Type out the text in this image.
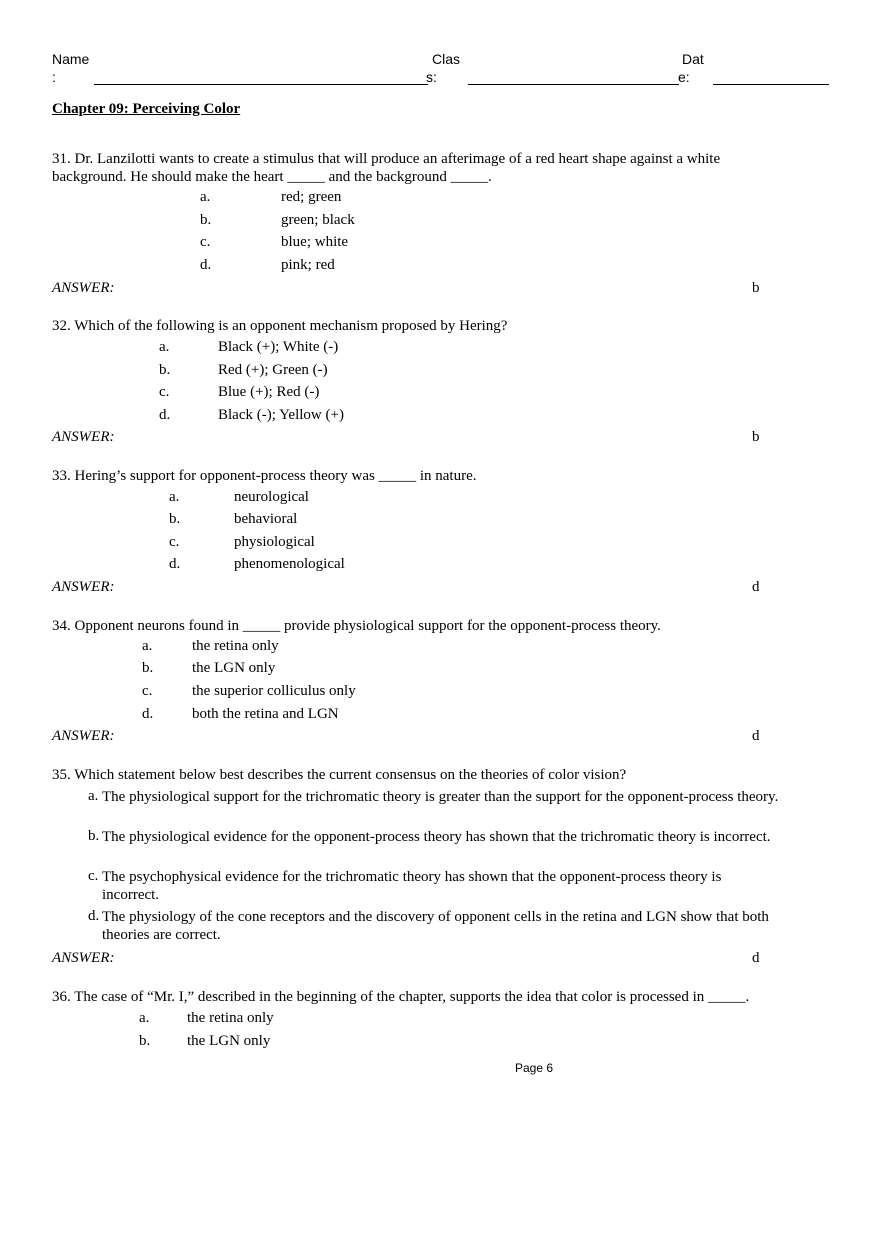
Name
:
Clas
s:
Dat
e:
Chapter 09: Perceiving Color
31. Dr. Lanzilotti wants to create a stimulus that will produce an afterimage of a red heart shape against a white
background. He should make the heart _____ and the background _____.
a.	red; green
b.	green; black
c.	blue; white
d.	pink; red
ANSWER:	b
32. Which of the following is an opponent mechanism proposed by Hering?
a.	Black (+); White (-)
b.	Red (+); Green (-)
c.	Blue (+); Red (-)
d.	Black (-); Yellow (+)
ANSWER:	b
33. Hering’s support for opponent-process theory was _____ in nature.
a.	neurological
b.	behavioral
c.	physiological
d.	phenomenological
ANSWER:	d
34. Opponent neurons found in _____ provide physiological support for the opponent-process theory.
a.	the retina only
b.	the LGN only
c.	the superior colliculus only
d.	both the retina and LGN
ANSWER:	d
35. Which statement below best describes the current consensus on the theories of color vision?
a. The physiological support for the trichromatic theory is greater than the support for the opponent-process theory.
b. The physiological evidence for the opponent-process theory has shown that the trichromatic theory is incorrect.
c. The psychophysical evidence for the trichromatic theory has shown that the opponent-process theory is incorrect.
d. The physiology of the cone receptors and the discovery of opponent cells in the retina and LGN show that both theories are correct.
ANSWER:	d
36. The case of “Mr. I,” described in the beginning of the chapter, supports the idea that color is processed in _____.
a.	the retina only
b. the LGN only
Page 6
